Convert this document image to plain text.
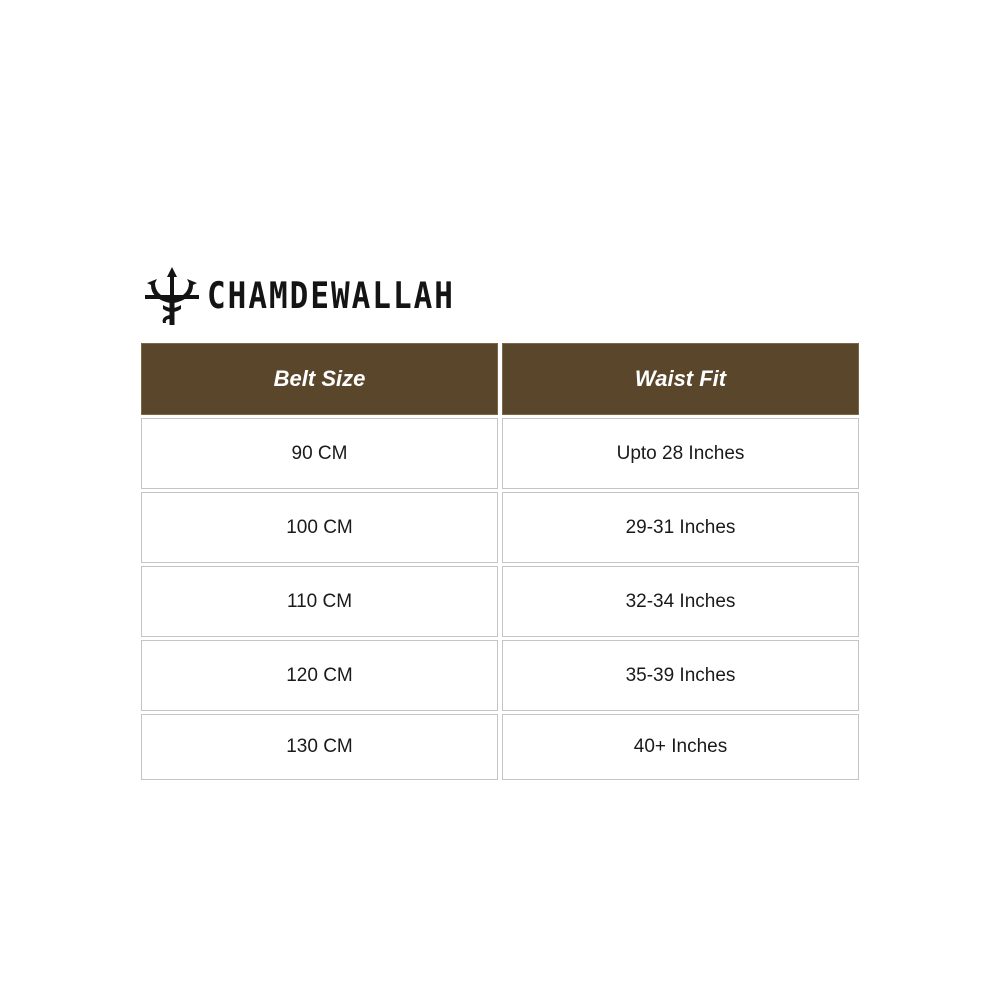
CHAMDEWALLAH
Belt Size	Waist Fit
90 CM	Upto 28 Inches
100 CM	29-31 Inches
110 CM	32-34 Inches
120 CM	35-39 Inches
130 CM	40+ Inches
